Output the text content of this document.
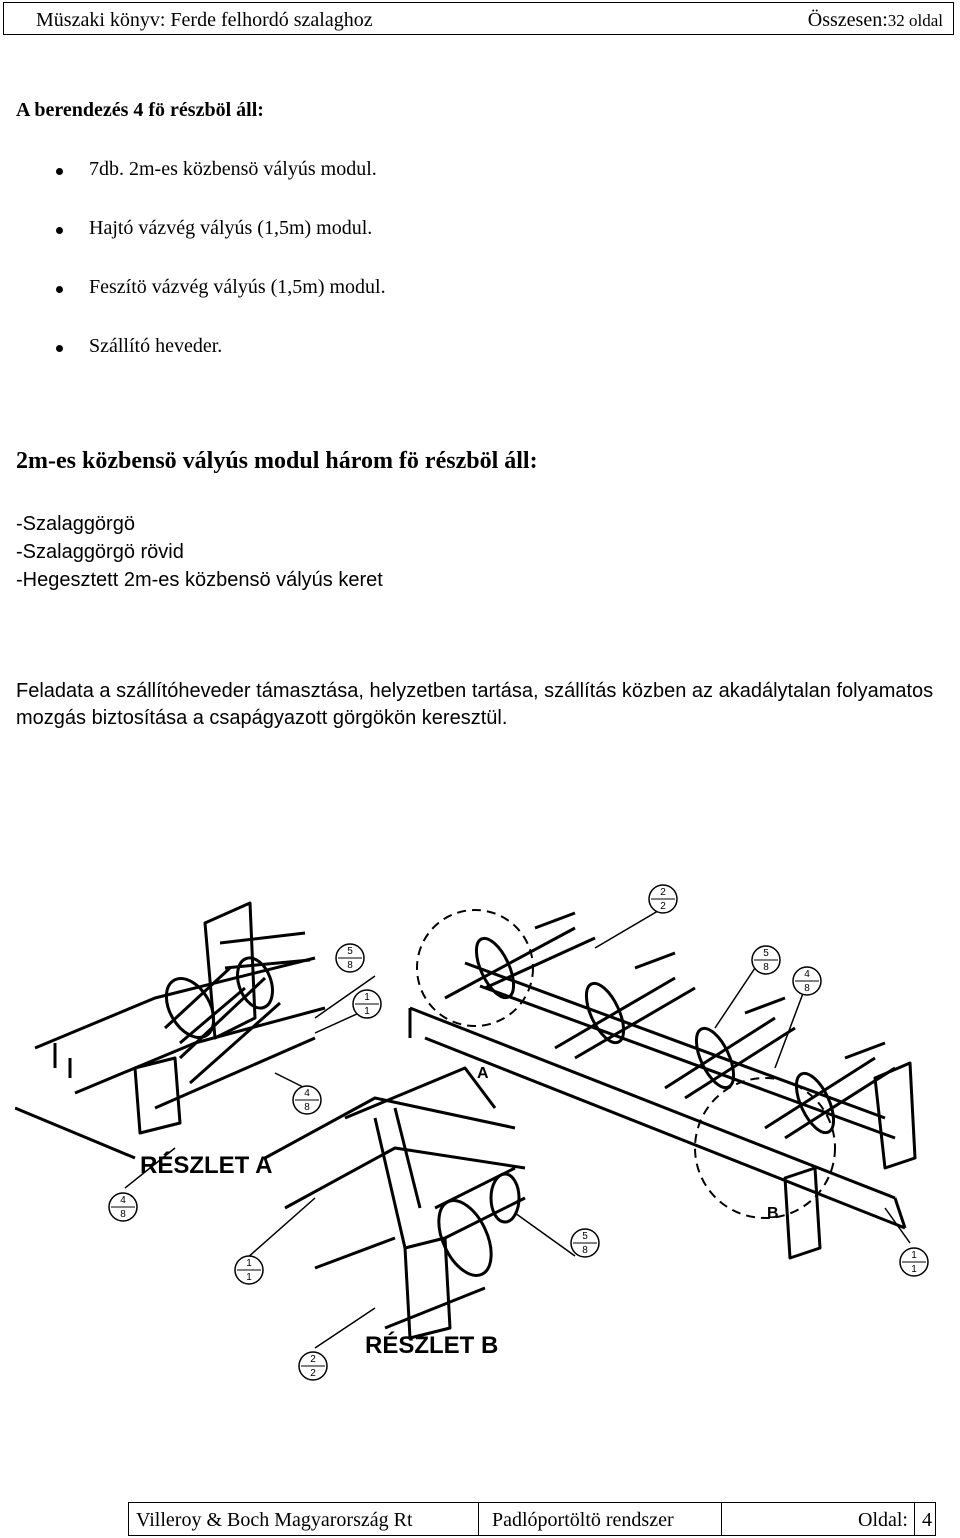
Müszaki könyv: Ferde felhordó szalaghoz	Összesen:32 oldal
A berendezés 4 fö részböl áll:
7db. 2m-es közbensö vályús modul.
Hajtó vázvég vályús (1,5m) modul.
Feszítö vázvég vályús (1,5m) modul.
Szállító heveder.
2m-es közbensö vályús modul három fö részböl áll:
-Szalaggörgö
-Szalaggörgö rövid
-Hegesztett 2m-es közbensö vályús keret
Feladata a szállítóheveder támasztása, helyzetben tartása, szállítás közben az akadálytalan folyamatos mozgás biztosítása a csapágyazott görgökön keresztül.
RÉSZLET A
RÉSZLET B
A
B
5
8
1
1
4
8
4
8
1
1
5
8
2
2
2
2
5
8
4
8
1
1
Villeroy & Boch Magyarország Rt	Padlóportöltö rendszer	Oldal: 4
